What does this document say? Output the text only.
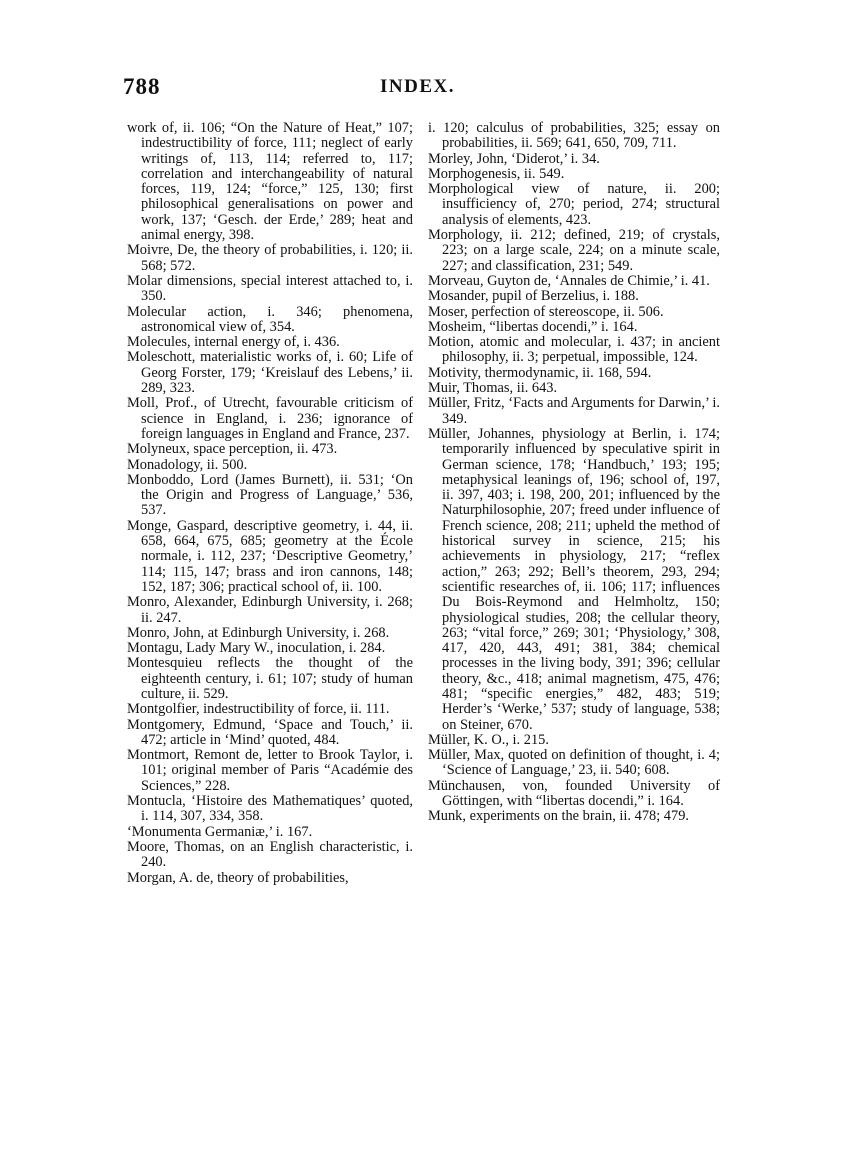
788	INDEX.

work of, ii. 106; “On the Nature of Heat,” 107; indestructibility of force, 111; neglect of early writings of, 113, 114; referred to, 117; correlation and interchangeability of natural forces, 119, 124; “force,” 125, 130; first philosophical generalisations on power and work, 137; ‘Gesch. der Erde,’ 289; heat and animal energy, 398.

Moivre, De, the theory of probabilities, i. 120; ii. 568; 572.

Molar dimensions, special interest attached to, i. 350.

Molecular action, i. 346; phenomena, astronomical view of, 354.

Molecules, internal energy of, i. 436.

Moleschott, materialistic works of, i. 60; Life of Georg Forster, 179; ‘Kreislauf des Lebens,’ ii. 289, 323.

Moll, Prof., of Utrecht, favourable criticism of science in England, i. 236; ignorance of foreign languages in England and France, 237.

Molyneux, space perception, ii. 473.

Monadology, ii. 500.

Monboddo, Lord (James Burnett), ii. 531; ‘On the Origin and Progress of Language,’ 536, 537.

Monge, Gaspard, descriptive geometry, i. 44, ii. 658, 664, 675, 685; geometry at the École normale, i. 112, 237; ‘Descriptive Geometry,’ 114; 115, 147; brass and iron cannons, 148; 152, 187; 306; practical school of, ii. 100.

Monro, Alexander, Edinburgh University, i. 268; ii. 247.

Monro, John, at Edinburgh University, i. 268.

Montagu, Lady Mary W., inoculation, i. 284.

Montesquieu reflects the thought of the eighteenth century, i. 61; 107; study of human culture, ii. 529.

Montgolfier, indestructibility of force, ii. 111.

Montgomery, Edmund, ‘Space and Touch,’ ii. 472; article in ‘Mind’ quoted, 484.

Montmort, Remont de, letter to Brook Taylor, i. 101; original member of Paris “Académie des Sciences,” 228.

Montucla, ‘Histoire des Mathematiques’ quoted, i. 114, 307, 334, 358.

‘Monumenta Germaniæ,’ i. 167.

Moore, Thomas, on an English characteristic, i. 240.

Morgan, A. de, theory of probabilities,

i. 120; calculus of probabilities, 325; essay on probabilities, ii. 569; 641, 650, 709, 711.

Morley, John, ‘Diderot,’ i. 34.

Morphogenesis, ii. 549.

Morphological view of nature, ii. 200; insufficiency of, 270; period, 274; structural analysis of elements, 423.

Morphology, ii. 212; defined, 219; of crystals, 223; on a large scale, 224; on a minute scale, 227; and classification, 231; 549.

Morveau, Guyton de, ‘Annales de Chimie,’ i. 41.

Mosander, pupil of Berzelius, i. 188.

Moser, perfection of stereoscope, ii. 506.

Mosheim, “libertas docendi,” i. 164.

Motion, atomic and molecular, i. 437; in ancient philosophy, ii. 3; perpetual, impossible, 124.

Motivity, thermodynamic, ii. 168, 594.

Muir, Thomas, ii. 643.

Müller, Fritz, ‘Facts and Arguments for Darwin,’ i. 349.

Müller, Johannes, physiology at Berlin, i. 174; temporarily influenced by speculative spirit in German science, 178; ‘Handbuch,’ 193; 195; metaphysical leanings of, 196; school of, 197, ii. 397, 403; i. 198, 200, 201; influenced by the Naturphilosophie, 207; freed under influence of French science, 208; 211; upheld the method of historical survey in science, 215; his achievements in physiology, 217; “reflex action,” 263; 292; Bell’s theorem, 293, 294; scientific researches of, ii. 106; 117; influences Du Bois-Reymond and Helmholtz, 150; physiological studies, 208; the cellular theory, 263; “vital force,” 269; 301; ‘Physiology,’ 308, 417, 420, 443, 491; 381, 384; chemical processes in the living body, 391; 396; cellular theory, &c., 418; animal magnetism, 475, 476; 481; “specific energies,” 482, 483; 519; Herder’s ‘Werke,’ 537; study of language, 538; on Steiner, 670.

Müller, K. O., i. 215.

Müller, Max, quoted on definition of thought, i. 4; ‘Science of Language,’ 23, ii. 540; 608.

Münchausen, von, founded University of Göttingen, with “libertas docendi,” i. 164.

Munk, experiments on the brain, ii. 478; 479.
